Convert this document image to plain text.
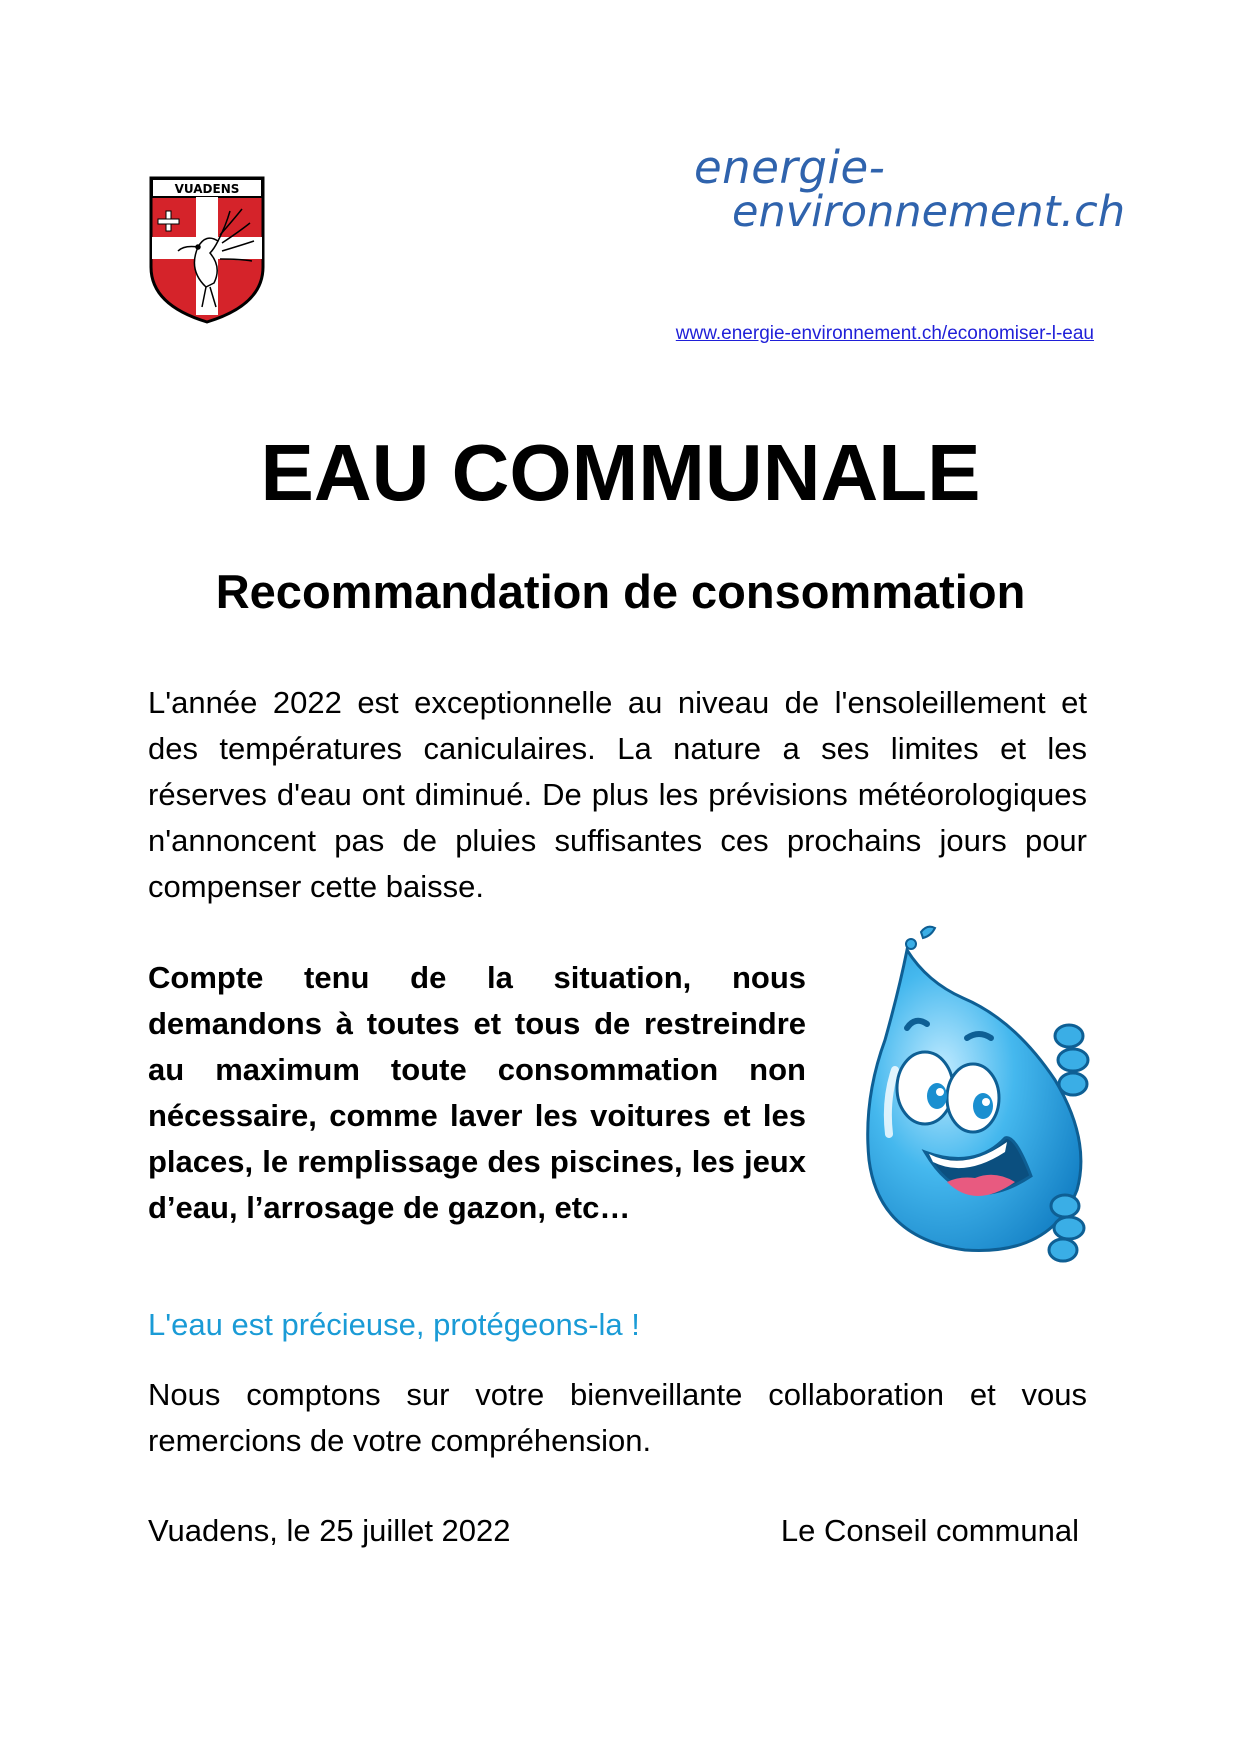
VUADENS	energie-
environnement.ch
www.energie-environnement.ch/economiser-l-eau
EAU COMMUNALE
Recommandation de consommation
L'année 2022 est exceptionnelle au niveau de l'ensoleillement et des températures caniculaires. La nature a ses limites et les réserves d'eau ont diminué. De plus les prévisions météorologiques n'annoncent pas de pluies suffisantes ces prochains jours pour compenser cette baisse.
Compte tenu de la situation, nous demandons à toutes et tous de restreindre au maximum toute consommation non nécessaire, comme laver les voitures et les places, le remplissage des piscines, les jeux d’eau, l’arrosage de gazon, etc…
L'eau est précieuse, protégeons-la !
Nous comptons sur votre bienveillante collaboration et vous remercions de votre compréhension.
Vuadens, le 25 juillet 2022	Le Conseil communal
